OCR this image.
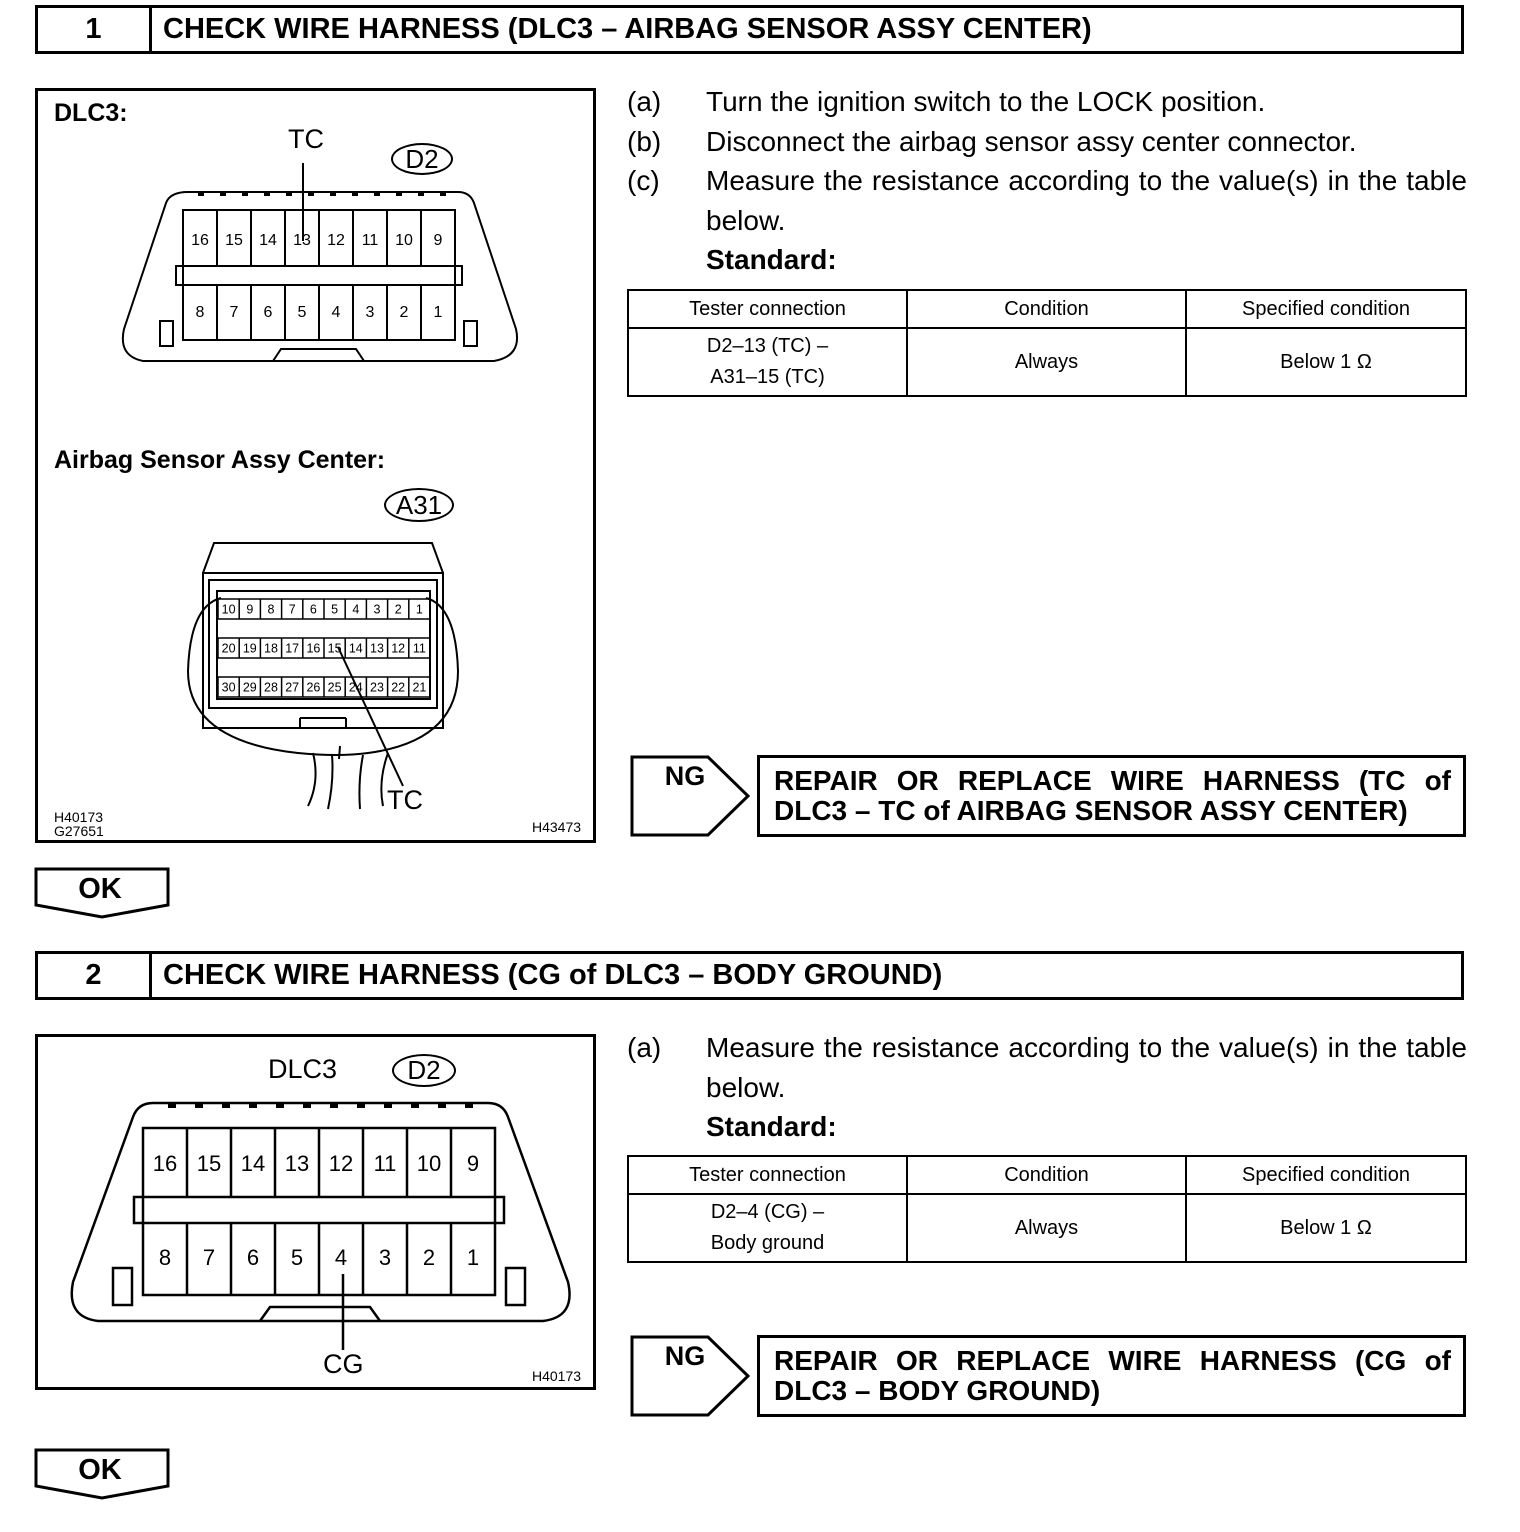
1	CHECK WIRE HARNESS (DLC3 – AIRBAG SENSOR ASSY CENTER)
16 15 14 13 12 11 10 9
8 7 6 5 4 3 2 1
10 9 8 7 6 5 4 3 2 1
20 19 18 17 16 15 14 13 12 11
30 29 28 27 26 25 24 23 22 21
DLC3:
TC
D2
Airbag Sensor Assy Center:
A31
TC
H40173
G27651	H43473
(a) Turn the ignition switch to the LOCK position.
(b) Disconnect the airbag sensor assy center connector.
(c) Measure the resistance according to the value(s) in the table below.
Standard:
Tester connection	Condition	Specified condition

D2–13 (TC) –
A31–15 (TC)	Always	Below 1 Ω
NG	REPAIR OR REPLACE WIRE HARNESS (TC of DLC3 – TC of AIRBAG SENSOR ASSY CENTER)
OK
2	CHECK WIRE HARNESS (CG of DLC3 – BODY GROUND)
16 15 14 13 12 11 10 9
8 7 6 5 4 3 2 1
DLC3	D2
CG	H40173
(a) Measure the resistance according to the value(s) in the table below.
Standard:
Tester connection	Condition	Specified condition

D2–4 (CG) –
Body ground	Always	Below 1 Ω
NG	REPAIR OR REPLACE WIRE HARNESS (CG of DLC3 – BODY GROUND)
OK
